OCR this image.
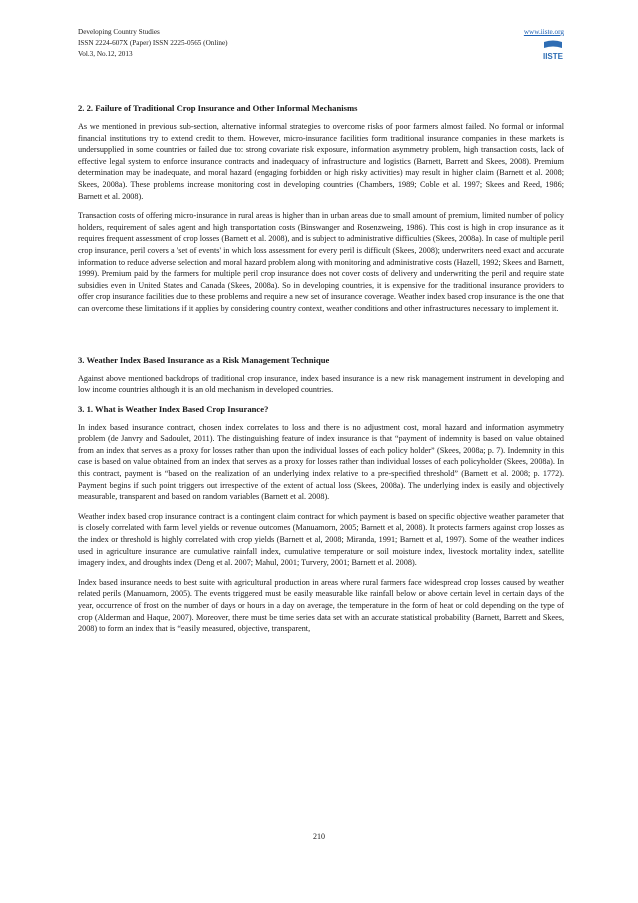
Developing Country Studies
ISSN 2224-607X (Paper) ISSN 2225-0565 (Online)
Vol.3, No.12, 2013
www.iiste.org
IISTE
2. 2. Failure of Traditional Crop Insurance and Other Informal Mechanisms

As we mentioned in previous sub-section, alternative informal strategies to overcome risks of poor farmers almost failed. No formal or informal financial institutions try to extend credit to them. However, micro-insurance facilities form traditional insurance companies in these markets is undersupplied in some countries or failed due to: strong covariate risk exposure, information asymmetry problem, high transaction costs, lack of effective legal system to enforce insurance contracts and inadequacy of infrastructure and logistics (Barnett, Barrett and Skees, 2008). Premium determination may be inadequate, and moral hazard (engaging forbidden or high risky activities) may result in higher claim (Barnett et al. 2008; Skees, 2008a). These problems increase monitoring cost in developing countries (Chambers, 1989; Coble et al. 1997; Skees and Reed, 1986; Barnett et al. 2008).

Transaction costs of offering micro-insurance in rural areas is higher than in urban areas due to small amount of premium, limited number of policy holders, requirement of sales agent and high transportation costs (Binswanger and Rosenzweing, 1986). This cost is high in crop insurance as it requires frequent assessment of crop losses (Barnett et al. 2008), and is subject to administrative difficulties (Skees, 2008a). In case of multiple peril crop insurance, peril covers a 'set of events' in which loss assessment for every peril is difficult (Skees, 2008); underwriters need exact and accurate information to reduce adverse selection and moral hazard problem along with monitoring and administrative costs (Hazell, 1992; Skees and Barnett, 1999). Premium paid by the farmers for multiple peril crop insurance does not cover costs of delivery and underwriting the peril and require state subsidies even in United States and Canada (Skees, 2008a). So in developing countries, it is expensive for the traditional insurance providers to offer crop insurance facilities due to these problems and require a new set of insurance coverage. Weather index based crop insurance is the one that can overcome these limitations if it applies by considering country context, weather conditions and other infrastructures necessary to implement it.

3. Weather Index Based Insurance as a Risk Management Technique

Against above mentioned backdrops of traditional crop insurance, index based insurance is a new risk management instrument in developing and low income countries although it is an old mechanism in developed countries.

3. 1. What is Weather Index Based Crop Insurance?

In index based insurance contract, chosen index correlates to loss and there is no adjustment cost, moral hazard and information asymmetry problem (de Janvry and Sadoulet, 2011). The distinguishing feature of index insurance is that “payment of indemnity is based on value obtained from an index that serves as a proxy for losses rather than upon the individual losses of each policy holder” (Skees, 2008a; p. 7). Indemnity in this case is based on value obtained from an index that serves as a proxy for losses rather than individual losses of each policyholder (Skees, 2008a). In this contract, payment is “based on the realization of an underlying index relative to a pre-specified threshold” (Barnett et al. 2008; p. 1772). Payment begins if such point triggers out irrespective of the extent of actual loss (Skees, 2008a). The underlying index is easily and objectively measurable, transparent and based on random variables (Barnett et al. 2008).

Weather index based crop insurance contract is a contingent claim contract for which payment is based on specific objective weather parameter that is closely correlated with farm level yields or revenue outcomes (Manuamorn, 2005; Barnett et al, 2008). It protects farmers against crop losses as the index or threshold is highly correlated with crop yields (Barnett et al, 2008; Miranda, 1991; Barnett et al, 1997). Some of the weather indices used in agriculture insurance are cumulative rainfall index, cumulative temperature or soil moisture index, livestock mortality index, satellite imagery index, and droughts index (Deng et al. 2007; Mahul, 2001; Turvery, 2001; Barnett et al. 2008).

Index based insurance needs to best suite with agricultural production in areas where rural farmers face widespread crop losses caused by weather related perils (Manuamorn, 2005). The events triggered must be easily measurable like rainfall below or above certain level in certain days of the year, occurrence of frost on the number of days or hours in a day on average, the temperature in the form of heat or cold depending on the type of crop (Alderman and Haque, 2007). Moreover, there must be time series data set with an accurate statistical probability (Barnett, Barrett and Skees, 2008) to form an index that is “easily measured, objective, transparent,

210
